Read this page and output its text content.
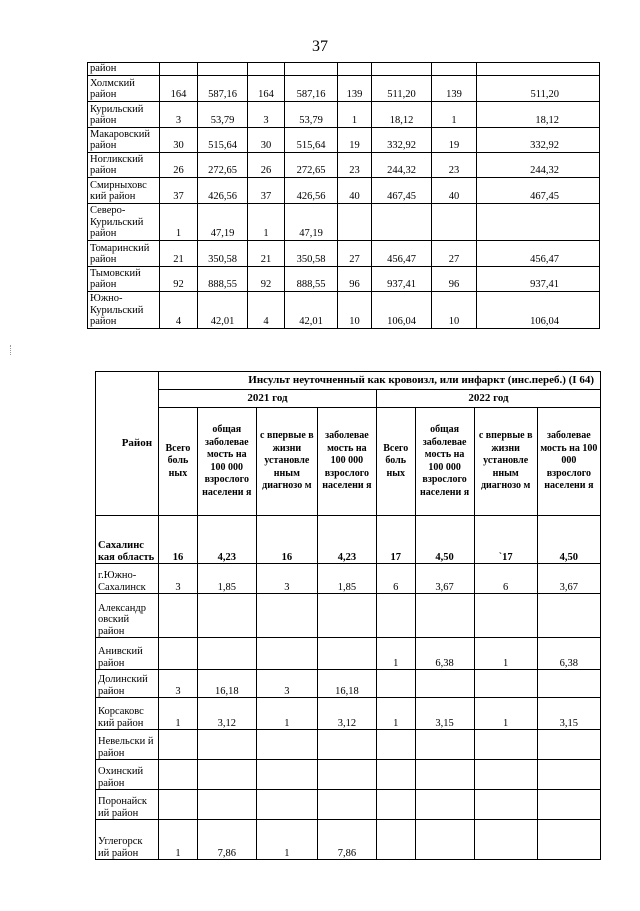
37
район								
Холмский район	164	587,16	164	587,16	139	511,20	139	511,20
Курильский район	3	53,79	3	53,79	1	18,12	1	18,12
Макаровский район	30	515,64	30	515,64	19	332,92	19	332,92
Ногликский район	26	272,65	26	272,65	23	244,32	23	244,32
Смирныховс кий район	37	426,56	37	426,56	40	467,45	40	467,45
Северо-Курильский район	1	47,19	1	47,19				
Томаринский район	21	350,58	21	350,58	27	456,47	27	456,47
Тымовский район	92	888,55	92	888,55	96	937,41	96	937,41
Южно-Курильский район	4	42,01	4	42,01	10	106,04	10	106,04
Район	Инсульт неуточненный как кровоизл, или инфаркт (инс.переб.) (I 64)							
	2021 год				2022 год			
	Всего боль ных	общая заболевае мость на 100 000 взрослого населени я	с впервые в жизни установле нным диагнозо м	заболевае мость на 100 000 взрослого населени я	Всего боль ных	общая заболевае мость на 100 000 взрослого населени я	с впервые в жизни установле нным диагнозо м	заболевае мость на 100 000 взрослого населени я
Сахалинс кая область	16	4,23	16	4,23	17	4,50	`17	4,50
г.Южно-Сахалинск	3	1,85	3	1,85	6	3,67	6	3,67
Александр овский район								
Анивский район					1	6,38	1	6,38
Долинский район	3	16,18	3	16,18				
Корсаковс кий район	1	3,12	1	3,12	1	3,15	1	3,15
Невельски й район								
Охинский район								
Поронайск ий район								
Углегорск ий район	1	7,86	1	7,86				
